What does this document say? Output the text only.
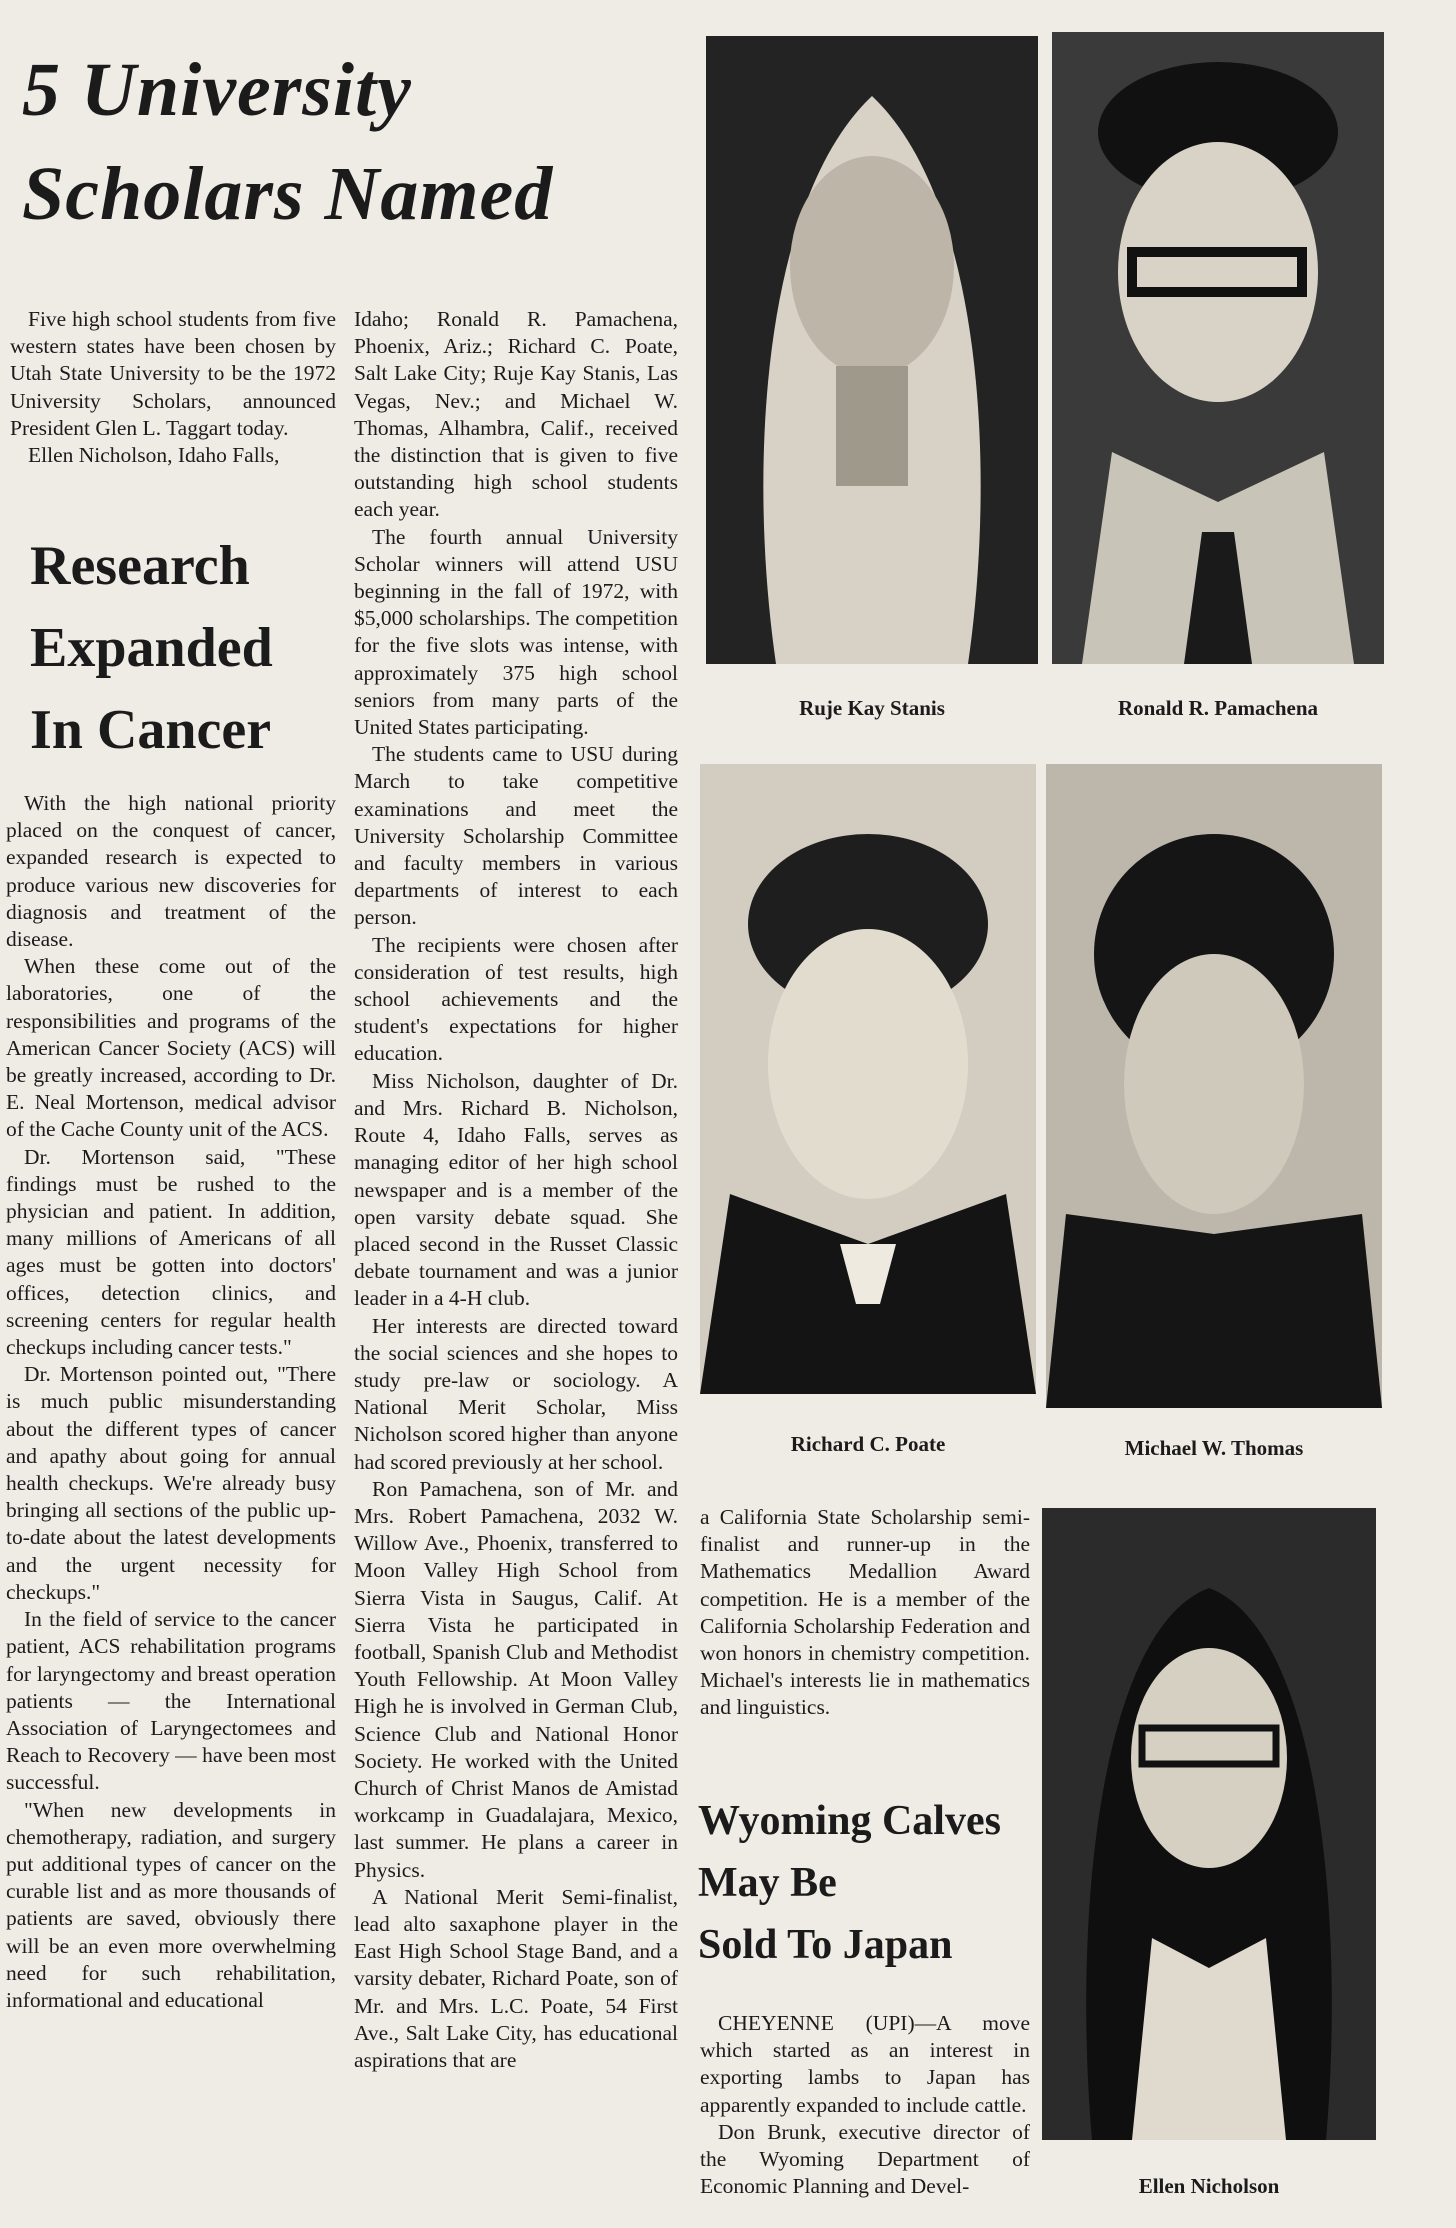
5 University
Scholars Named

Five high school students from five western states have been chosen by Utah State University to be the 1972 University Scholars, announced President Glen L. Taggart today.

Ellen Nicholson, Idaho Falls,

Research
Expanded
In Cancer

With the high national priority placed on the conquest of cancer, expanded research is expected to produce various new discoveries for diagnosis and treatment of the disease.

When these come out of the laboratories, one of the responsibilities and programs of the American Cancer Society (ACS) will be greatly increased, according to Dr. E. Neal Mortenson, medical advisor of the Cache County unit of the ACS.

Dr. Mortenson said, "These findings must be rushed to the physician and patient. In addition, many millions of Americans of all ages must be gotten into doctors' offices, detection clinics, and screening centers for regular health checkups including cancer tests."

Dr. Mortenson pointed out, "There is much public misunderstanding about the different types of cancer and apathy about going for annual health checkups. We're already busy bringing all sections of the public up-to-date about the latest developments and the urgent necessity for checkups."

In the field of service to the cancer patient, ACS rehabilitation programs for laryngectomy and breast operation patients — the International Association of Laryngectomees and Reach to Recovery — have been most successful.

"When new developments in chemotherapy, radiation, and surgery put additional types of cancer on the curable list and as more thousands of patients are saved, obviously there will be an even more overwhelming need for such rehabilitation, informational and educational

Idaho; Ronald R. Pamachena, Phoenix, Ariz.; Richard C. Poate, Salt Lake City; Ruje Kay Stanis, Las Vegas, Nev.; and Michael W. Thomas, Alhambra, Calif., received the distinction that is given to five outstanding high school students each year.

The fourth annual University Scholar winners will attend USU beginning in the fall of 1972, with $5,000 scholarships. The competition for the five slots was intense, with approximately 375 high school seniors from many parts of the United States participating.

The students came to USU during March to take competitive examinations and meet the University Scholarship Committee and faculty members in various departments of interest to each person.

The recipients were chosen after consideration of test results, high school achievements and the student's expectations for higher education.

Miss Nicholson, daughter of Dr. and Mrs. Richard B. Nicholson, Route 4, Idaho Falls, serves as managing editor of her high school newspaper and is a member of the open varsity debate squad. She placed second in the Russet Classic debate tournament and was a junior leader in a 4-H club.

Her interests are directed toward the social sciences and she hopes to study pre-law or sociology. A National Merit Scholar, Miss Nicholson scored higher than anyone had scored previously at her school.

Ron Pamachena, son of Mr. and Mrs. Robert Pamachena, 2032 W. Willow Ave., Phoenix, transferred to Moon Valley High School from Sierra Vista in Saugus, Calif. At Sierra Vista he participated in football, Spanish Club and Methodist Youth Fellowship. At Moon Valley High he is involved in German Club, Science Club and National Honor Society. He worked with the United Church of Christ Manos de Amistad workcamp in Guadalajara, Mexico, last summer. He plans a career in Physics.

A National Merit Semi-finalist, lead alto saxaphone player in the East High School Stage Band, and a varsity debater, Richard Poate, son of Mr. and Mrs. L.C. Poate, 54 First Ave., Salt Lake City, has educational aspirations that are

Ruje Kay Stanis	Ronald R. Pamachena
Richard C. Poate	Michael W. Thomas

a California State Scholarship semi-finalist and runner-up in the Mathematics Medallion Award competition. He is a member of the California Scholarship Federation and won honors in chemistry competition. Michael's interests lie in mathematics and linguistics.

Ellen Nicholson
Wyoming Calves
May Be
Sold To Japan

CHEYENNE (UPI)—A move which started as an interest in exporting lambs to Japan has apparently expanded to include cattle.

Don Brunk, executive director of the Wyoming Department of Economic Planning and Devel-
